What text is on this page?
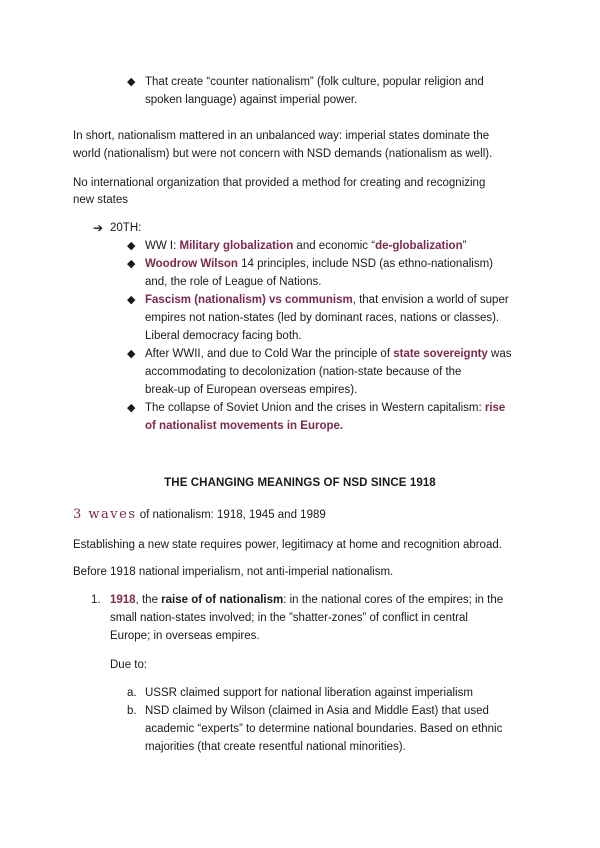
◆ That create “counter nationalism” (folk culture, popular religion and
spoken language) against imperial power.
In short, nationalism mattered in an unbalanced way: imperial states dominate the
world (nationalism) but were not concern with NSD demands (nationalism as well).
No international organization that provided a method for creating and recognizing
new states
➔ 20TH:
◆ WW I: Military globalization and economic “de-globalization”
◆ Woodrow Wilson 14 principles, include NSD (as ethno-nationalism)
and, the role of League of Nations.
◆ Fascism (nationalism) vs communism, that envision a world of super
empires not nation-states (led by dominant races, nations or classes).
Liberal democracy facing both.
◆ After WWII, and due to Cold War the principle of state sovereignty was
accommodating to decolonization (nation-state because of the
break-up of European overseas empires).
◆ The collapse of Soviet Union and the crises in Western capitalism: rise
of nationalist movements in Europe.
THE CHANGING MEANINGS OF NSD SINCE 1918
3 waves of nationalism: 1918, 1945 and 1989
Establishing a new state requires power, legitimacy at home and recognition abroad.
Before 1918 national imperialism, not anti-imperial nationalism.
1. 1918, the raise of of nationalism: in the national cores of the empires; in the
small nation-states involved; in the ”shatter-zones” of conflict in central
Europe; in overseas empires.
Due to:
a. USSR claimed support for national liberation against imperialism
b. NSD claimed by Wilson (claimed in Asia and Middle East) that used
academic “experts” to determine national boundaries. Based on ethnic
majorities (that create resentful national minorities).
